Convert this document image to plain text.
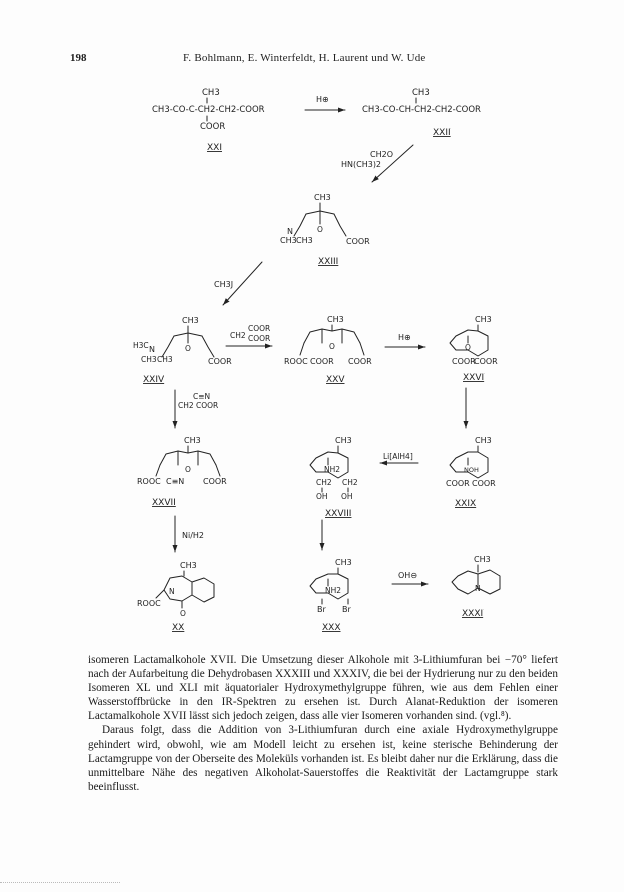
198	F. Bohlmann, E. Winterfeldt, H. Laurent und W. Ude
CH3
CH3-CO-C-CH2-CH2-COOR
COOR
XXI
H⊕
CH3
CH3-CO-CH-CH2-CH2-COOR
XXII
CH2O
HN(CH3)2
CH3
O
N
CH3 CH3	COOR
XXIII
CH3J
CH3
O
H3C N
CH3 CH3	COOR
XXIV
COOR
CH2 COOR
CH3
O
ROOC COOR COOR
XXV
H⊕
CH3
O
COOR
COOR
XXVI
C≡N
CH2 COOR
CH3
O
ROOC C≡N COOR
XXVII
CH3
NH2
CH2 CH2
OH OH
XXVIII
Li[AlH4]
CH3
NOH
COOR COOR
XXIX
Ni/H2
CH3
N
O
ROOC
XX
CH3
NH2
Br Br
XXX
OH⊖
CH3
N
XXXI

isomeren Lactamalkohole XVII. Die Umsetzung dieser Alkohole mit 3-Lithiumfuran bei −70° liefert nach der Aufarbeitung die Dehydrobasen XXXIII und XXXIV, die bei der Hydrierung nur zu den beiden Isomeren XL und XLI mit äquatorialer Hydroxymethylgruppe führen, wie aus dem Fehlen einer Wasserstoffbrücke in den IR-Spektren zu ersehen ist. Durch Alanat-Reduktion der isomeren Lactamalkohole XVII lässt sich jedoch zeigen, dass alle vier Isomeren vorhanden sind. (vgl.⁸).

Daraus folgt, dass die Addition von 3-Lithiumfuran durch eine axiale Hydroxymethylgruppe gehindert wird, obwohl, wie am Modell leicht zu ersehen ist, keine sterische Behinderung der Lactamgruppe von der Oberseite des Moleküls vorhanden ist. Es bleibt daher nur die Erklärung, dass die unmittelbare Nähe des negativen Alkoholat-Sauerstoffes die Reaktivität der Lactamgruppe stark beeinflusst.
